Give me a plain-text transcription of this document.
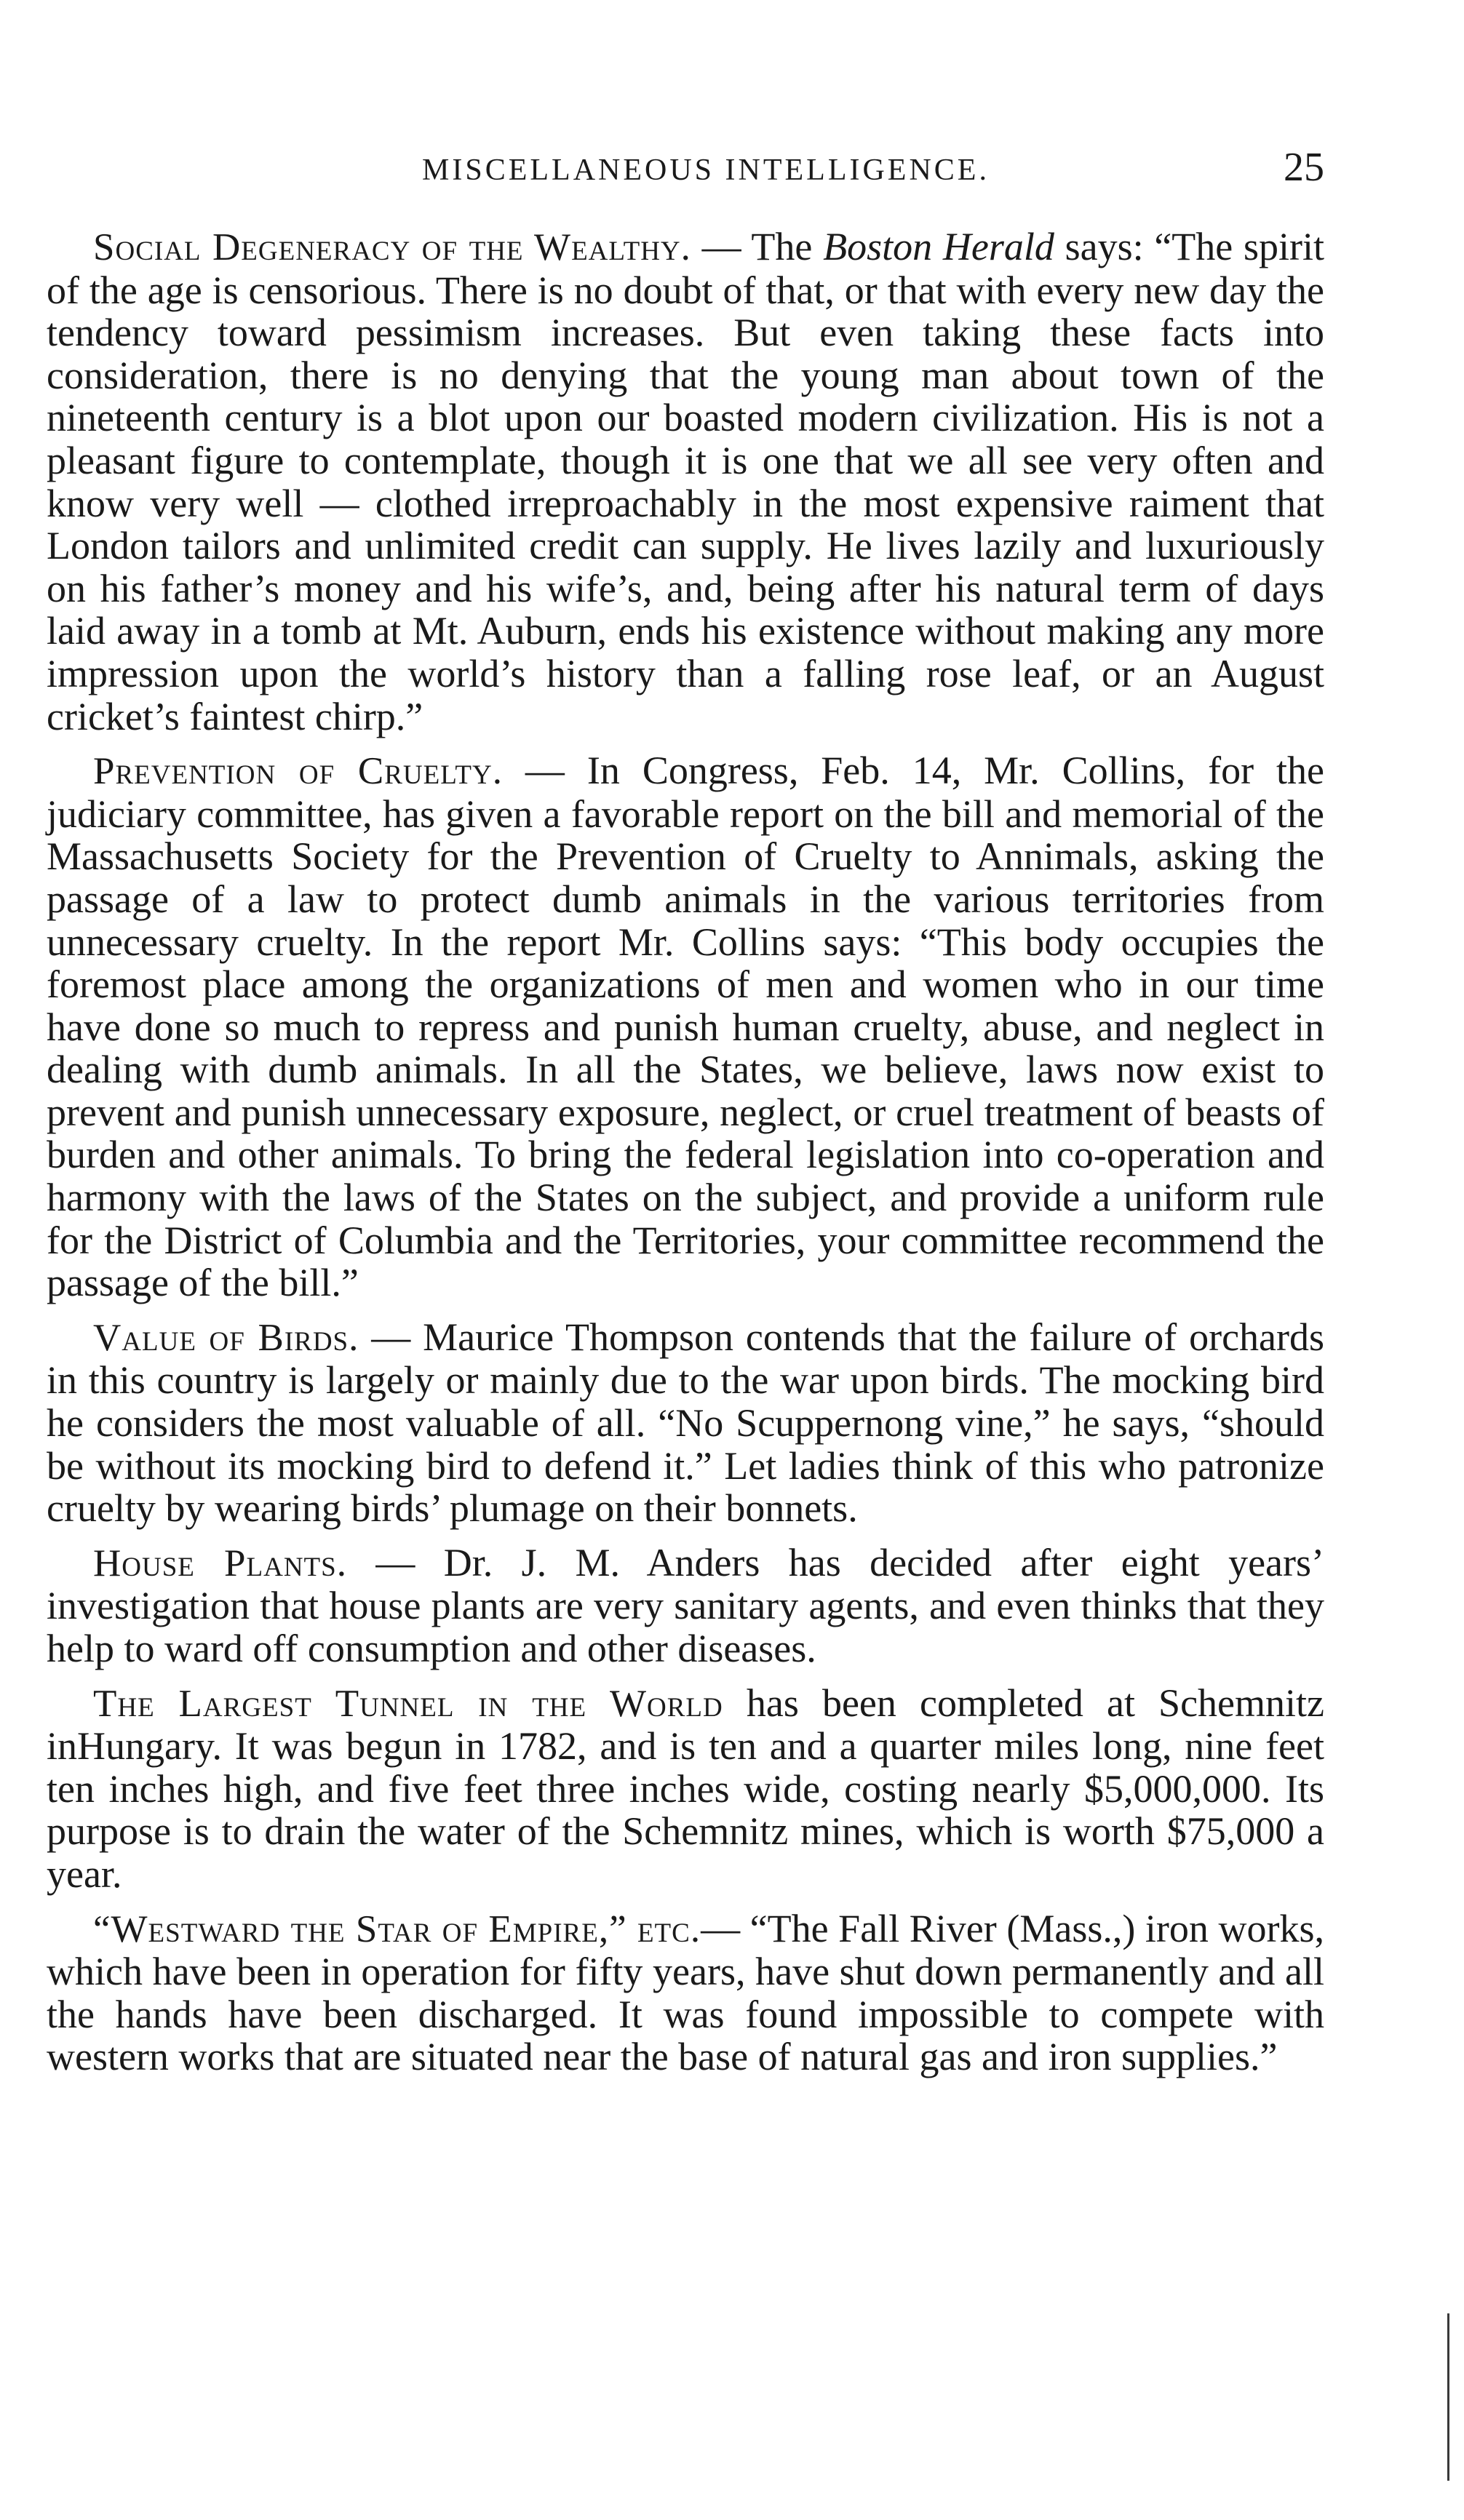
MISCELLANEOUS INTELLIGENCE.	25

Social Degeneracy of the Wealthy. — The Boston Herald says: “The spirit of the age is censorious. There is no doubt of that, or that with every new day the tendency toward pessimism increases. But even taking these facts into consideration, there is no denying that the young man about town of the nineteenth century is a blot upon our boasted modern civilization. His is not a pleasant figure to contemplate, though it is one that we all see very often and know very well — clothed irreproachably in the most expensive raiment that London tailors and unlimited credit can supply. He lives lazily and luxuriously on his father’s money and his wife’s, and, being after his natural term of days laid away in a tomb at Mt. Auburn, ends his existence without making any more impression upon the world’s history than a falling rose leaf, or an August cricket’s faintest chirp.”

Prevention of Cruelty. — In Congress, Feb. 14, Mr. Collins, for the judiciary committee, has given a favorable report on the bill and memorial of the Massachusetts Society for the Prevention of Cruelty to Annimals, asking the passage of a law to protect dumb animals in the various territories from unnecessary cruelty. In the report Mr. Collins says: “This body occupies the foremost place among the organizations of men and women who in our time have done so much to repress and punish human cruelty, abuse, and neglect in dealing with dumb animals. In all the States, we believe, laws now exist to prevent and punish unnecessary exposure, neglect, or cruel treatment of beasts of burden and other animals. To bring the federal legislation into co-operation and harmony with the laws of the States on the subject, and provide a uniform rule for the District of Columbia and the Territories, your committee recommend the passage of the bill.”

Value of Birds. — Maurice Thompson contends that the failure of orchards in this country is largely or mainly due to the war upon birds. The mocking bird he considers the most valuable of all. “No Scuppernong vine,” he says, “should be without its mocking bird to defend it.” Let ladies think of this who patronize cruelty by wearing birds’ plumage on their bonnets.

House Plants. — Dr. J. M. Anders has decided after eight years’ investigation that house plants are very sanitary agents, and even thinks that they help to ward off consumption and other diseases.

The Largest Tunnel in the World has been completed at Schemnitz inHungary. It was begun in 1782, and is ten and a quarter miles long, nine feet ten inches high, and five feet three inches wide, costing nearly $5,000,000. Its purpose is to drain the water of the Schemnitz mines, which is worth $75,000 a year.

“Westward the Star of Empire,” etc.— “The Fall River (Mass.,) iron works, which have been in operation for fifty years, have shut down permanently and all the hands have been discharged. It was found impossible to compete with western works that are situated near the base of natural gas and iron supplies.”
